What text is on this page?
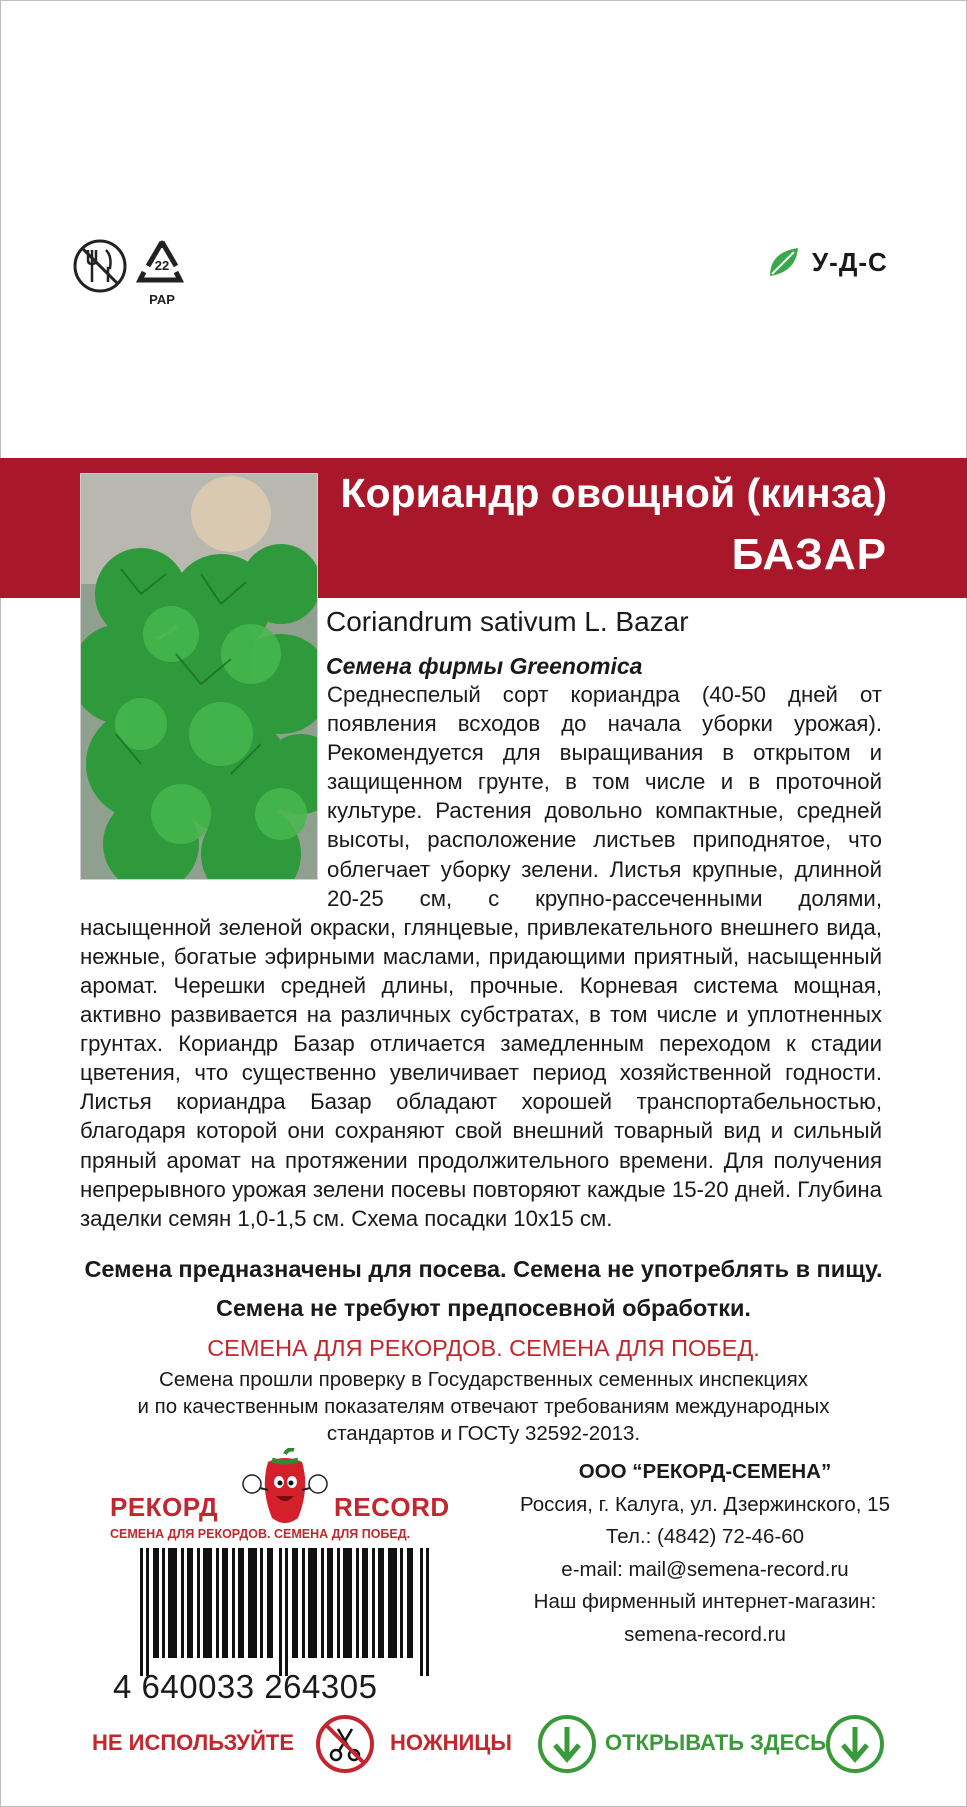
22
PAP
У-Д-С
Кориандр овощной (кинза)
БАЗАР
Coriandrum sativum L. Bazar
Семена фирмы Greenomica
Среднеспелый сорт кориандра (40-50 дней от появления всходов до начала уборки урожая). Рекомендуется для выращивания в открытом и защищенном грунте, в том числе и в проточной культуре. Растения довольно компактные, средней высоты, расположение листьев приподнятое, что облегчает уборку зелени. Листья крупные, длинной 20-25 см, с крупно-рассеченными долями, насыщенной зеленой окраски, глянцевые, привлекательного внешнего вида, нежные, богатые эфирными маслами, придающими приятный, насыщенный аромат. Черешки средней длины, прочные. Корневая система мощная, активно развивается на различных субстратах, в том числе и уплотненных грунтах. Кориандр Базар отличается замедленным переходом к стадии цветения, что существенно увеличивает период хозяйственной годности. Листья кориандра Базар обладают хорошей транспортабельностью, благодаря которой они сохраняют свой внешний товарный вид и сильный пряный аромат на протяжении продолжительного времени. Для получения непрерывного урожая зелени посевы повторяют каждые 15-20 дней. Глубина заделки семян 1,0-1,5 см. Схема посадки 10х15 см.
Семена предназначены для посева. Семена не употреблять в пищу.
Семена не требуют предпосевной обработки.
СЕМЕНА ДЛЯ РЕКОРДОВ. СЕМЕНА ДЛЯ ПОБЕД.
Семена прошли проверку в Государственных семенных инспекциях
и по качественным показателям отвечают требованиям международных
стандартов и ГОСТу 32592-2013.
РЕКОРД	RECORD
СЕМЕНА ДЛЯ РЕКОРДОВ. СЕМЕНА ДЛЯ ПОБЕД.
4 640033 264305
ООО “РЕКОРД-СЕМЕНА”
Россия, г. Калуга, ул. Дзержинского, 15
Тел.: (4842) 72-46-60
e-mail: mail@semena-record.ru
Наш фирменный интернет-магазин:
semena-record.ru
НЕ ИСПОЛЬЗУЙТЕ	НОЖНИЦЫ	ОТКРЫВАТЬ ЗДЕСЬ
